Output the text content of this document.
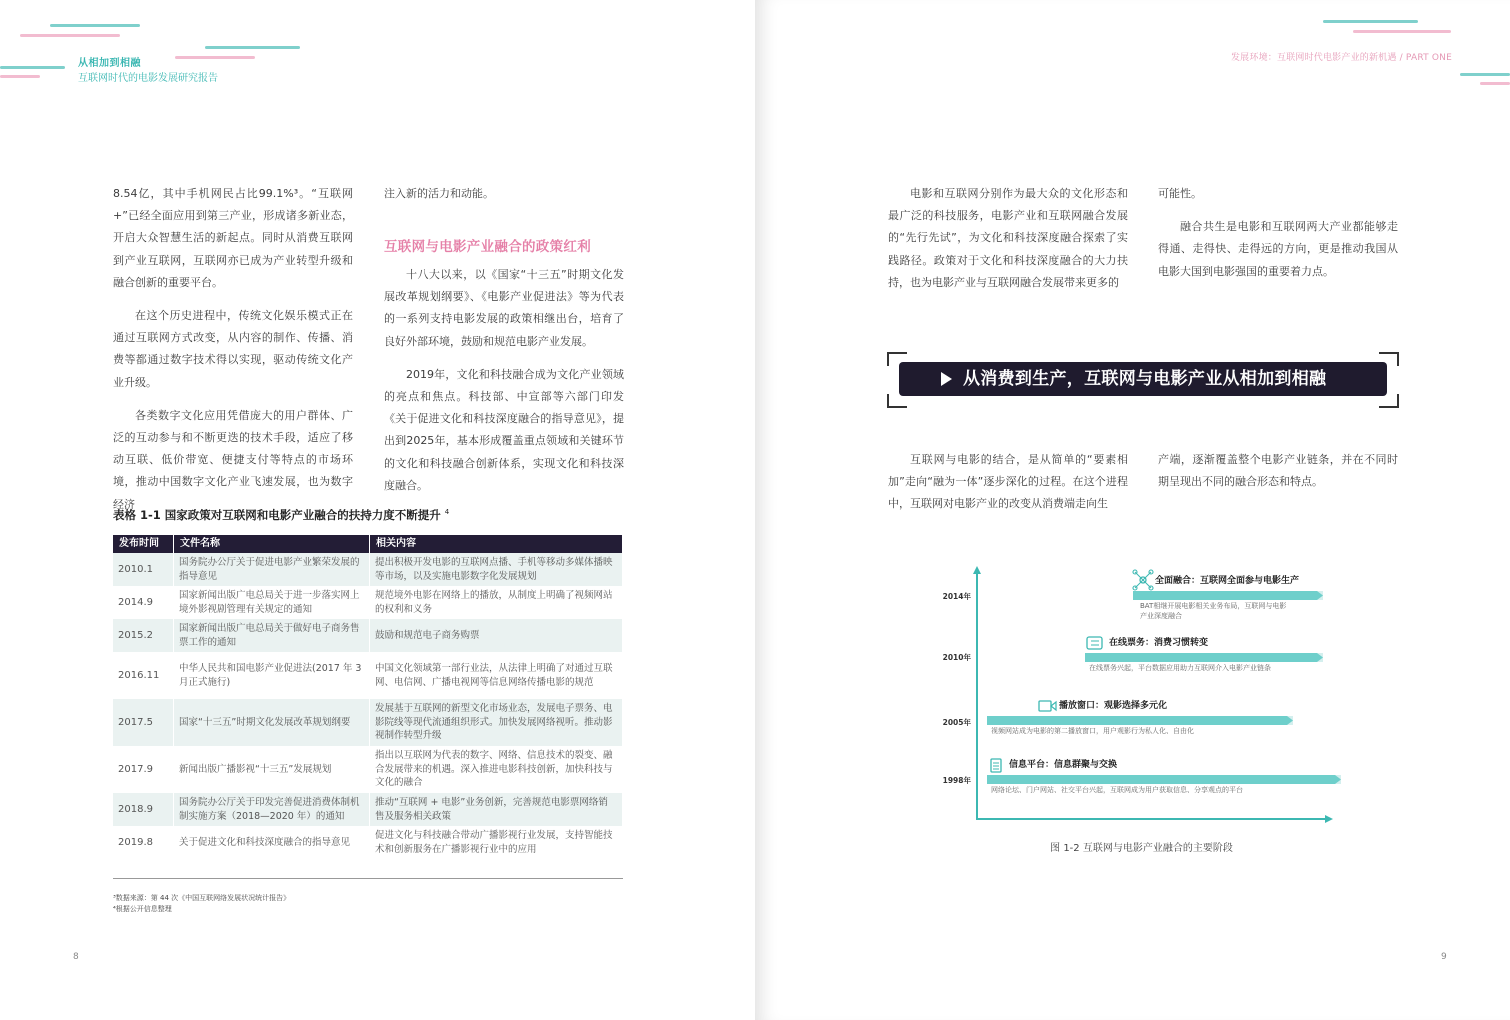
从相加到相融
互联网时代的电影发展研究报告

8.54亿，其中手机网民占比99.1%³。“互联网+”已经全面应用到第三产业，形成诸多新业态，开启大众智慧生活的新起点。同时从消费互联网到产业互联网，互联网亦已成为产业转型升级和融合创新的重要平台。

在这个历史进程中，传统文化娱乐模式正在通过互联网方式改变，从内容的制作、传播、消费等都通过数字技术得以实现，驱动传统文化产业升级。

各类数字文化应用凭借庞大的用户群体、广泛的互动参与和不断更迭的技术手段，适应了移动互联、低价带宽、便捷支付等特点的市场环境，推动中国数字文化产业飞速发展，也为数字经济

注入新的活力和动能。

互联网与电影产业融合的政策红利

十八大以来，以《国家“十三五”时期文化发展改革规划纲要》、《电影产业促进法》等为代表的一系列支持电影发展的政策相继出台，培育了良好外部环境，鼓励和规范电影产业发展。

2019年，文化和科技融合成为文化产业领域的亮点和焦点。科技部、中宣部等六部门印发《关于促进文化和科技深度融合的指导意见》，提出到2025年，基本形成覆盖重点领域和关键环节的文化和科技融合创新体系，实现文化和科技深度融合。

表格 1-1 国家政策对互联网和电影产业融合的扶持力度不断提升 $^4$
发布时间	文件名称	相关内容
2010.1	国务院办公厅关于促进电影产业繁荣发展的指导意见	提出积极开发电影的互联网点播、手机等移动多媒体播映等市场，以及实施电影数字化发展规划
2014.9	国家新闻出版广电总局关于进一步落实网上境外影视剧管理有关规定的通知	规范境外电影在网络上的播放，从制度上明确了视频网站的权利和义务
2015.2	国家新闻出版广电总局关于做好电子商务售票工作的通知	鼓励和规范电子商务购票
2016.11	中华人民共和国电影产业促进法(2017 年 3 月正式施行)	中国文化领域第一部行业法，从法律上明确了对通过互联网、电信网、广播电视网等信息网络传播电影的规范
2017.5	国家“十三五”时期文化发展改革规划纲要	发展基于互联网的新型文化市场业态，发展电子票务、电影院线等现代流通组织形式。加快发展网络视听。推动影视制作转型升级
2017.9	新闻出版广播影视“十三五”发展规划	指出以互联网为代表的数字、网络、信息技术的裂变、融合发展带来的机遇。深入推进电影科技创新，加快科技与文化的融合
2018.9	国务院办公厅关于印发完善促进消费体制机制实施方案（2018—2020 年）的通知	推动“互联网 + 电影”业务创新，完善规范电影票网络销售及服务相关政策
2019.8	关于促进文化和科技深度融合的指导意见	促进文化与科技融合带动广播影视行业发展，支持智能技术和创新服务在广播影视行业中的应用
³数据来源：第 44 次《中国互联网络发展状况统计报告》
⁴根据公开信息整理
8
发展环境：互联网时代电影产业的新机遇 / PART ONE

电影和互联网分别作为最大众的文化形态和最广泛的科技服务，电影产业和互联网融合发展的“先行先试”，为文化和科技深度融合探索了实践路径。政策对于文化和科技深度融合的大力扶持，也为电影产业与互联网融合发展带来更多的

可能性。

融合共生是电影和互联网两大产业都能够走得通、走得快、走得远的方向，更是推动我国从电影大国到电影强国的重要着力点。

从消费到生产，互联网与电影产业从相加到相融

互联网与电影的结合，是从简单的“要素相加”走向“融为一体”逐步深化的过程。在这个进程中，互联网对电影产业的改变从消费端走向生

产端，逐渐覆盖整个电影产业链条，并在不同时期呈现出不同的融合形态和特点。

1998年
信息平台：信息群聚与交换
网络论坛、门户网站、社交平台兴起，互联网成为用户获取信息、分享观点的平台
2005年
播放窗口：观影选择多元化
视频网站成为电影的第二播放窗口，用户观影行为私人化、自由化
2010年
在线票务：消费习惯转变
在线票务兴起，平台数据应用助力互联网介入电影产业链条
2014年
全面融合：互联网全面参与电影生产
BAT相继开展电影相关业务布局，互联网与电影
产业深度融合
图 1-2 互联网与电影产业融合的主要阶段
9
